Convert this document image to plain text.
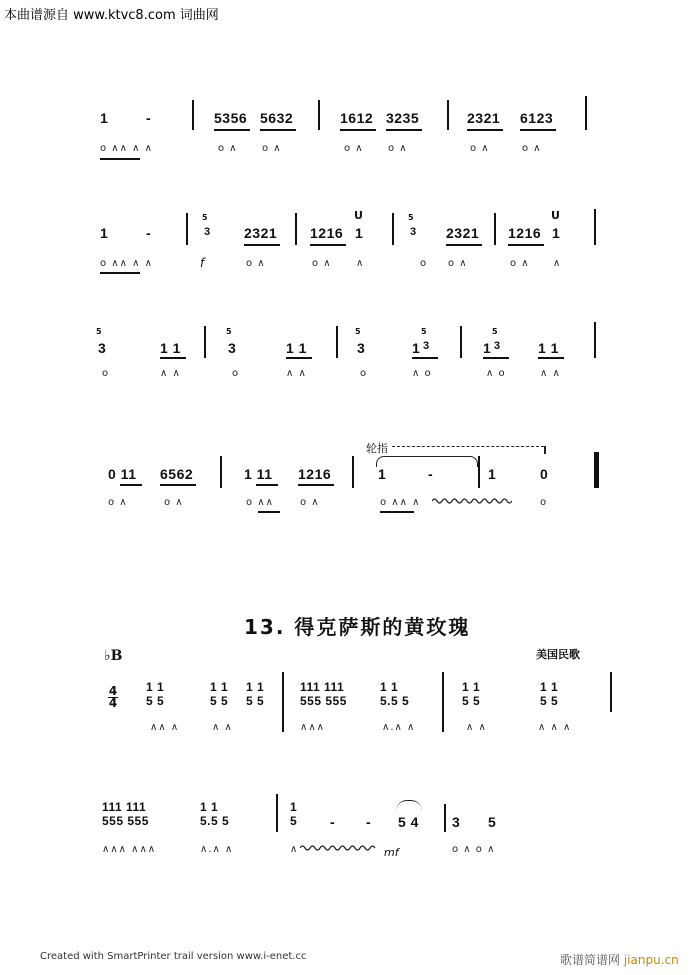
本曲谱源自 www.ktvc8.com 词曲网
1	-	5356 5632	1612 3235	2321 6123
o ∧∧ ∧ ∧	o ∧ o ∧	o ∧ o ∧	o ∧	o ∧
1	-
5
3 2321 1216
U
1
5
3 2321 1216
U
1
o ∧∧ ∧ ∧	f	o ∧	o ∧ ∧	o o ∧	o ∧ ∧
5
3	1 1
5
3	1 1
5
3	1
5
3	1
5
3	1 1
o	∧ ∧	o	∧ ∧	o	∧ o	∧ o	∧ ∧
0 11 6562	1 11 1216
轮指
1	-	1	0
o ∧	o ∧	o ∧∧	o ∧	o ∧∧ ∧	o
13. 得克萨斯的黄玫瑰
♭B	美国民歌
4
4
1 1
5 5
1 1
5 5
1 1
5 5
111 111
555 555
1 1
5.5 5
1 1
5 5
1 1
5 5
∧∧ ∧	∧ ∧	∧∧∧	∧.∧ ∧	∧ ∧	∧ ∧ ∧
111 111
555 555
1 1
5.5 5
1
5 - - 5 4 3 5
∧∧∧ ∧∧∧	∧.∧ ∧	∧	mf	o ∧ o ∧
Created with SmartPrinter trail version www.i-enet.cc	歌谱简谱网 jianpu.cn
